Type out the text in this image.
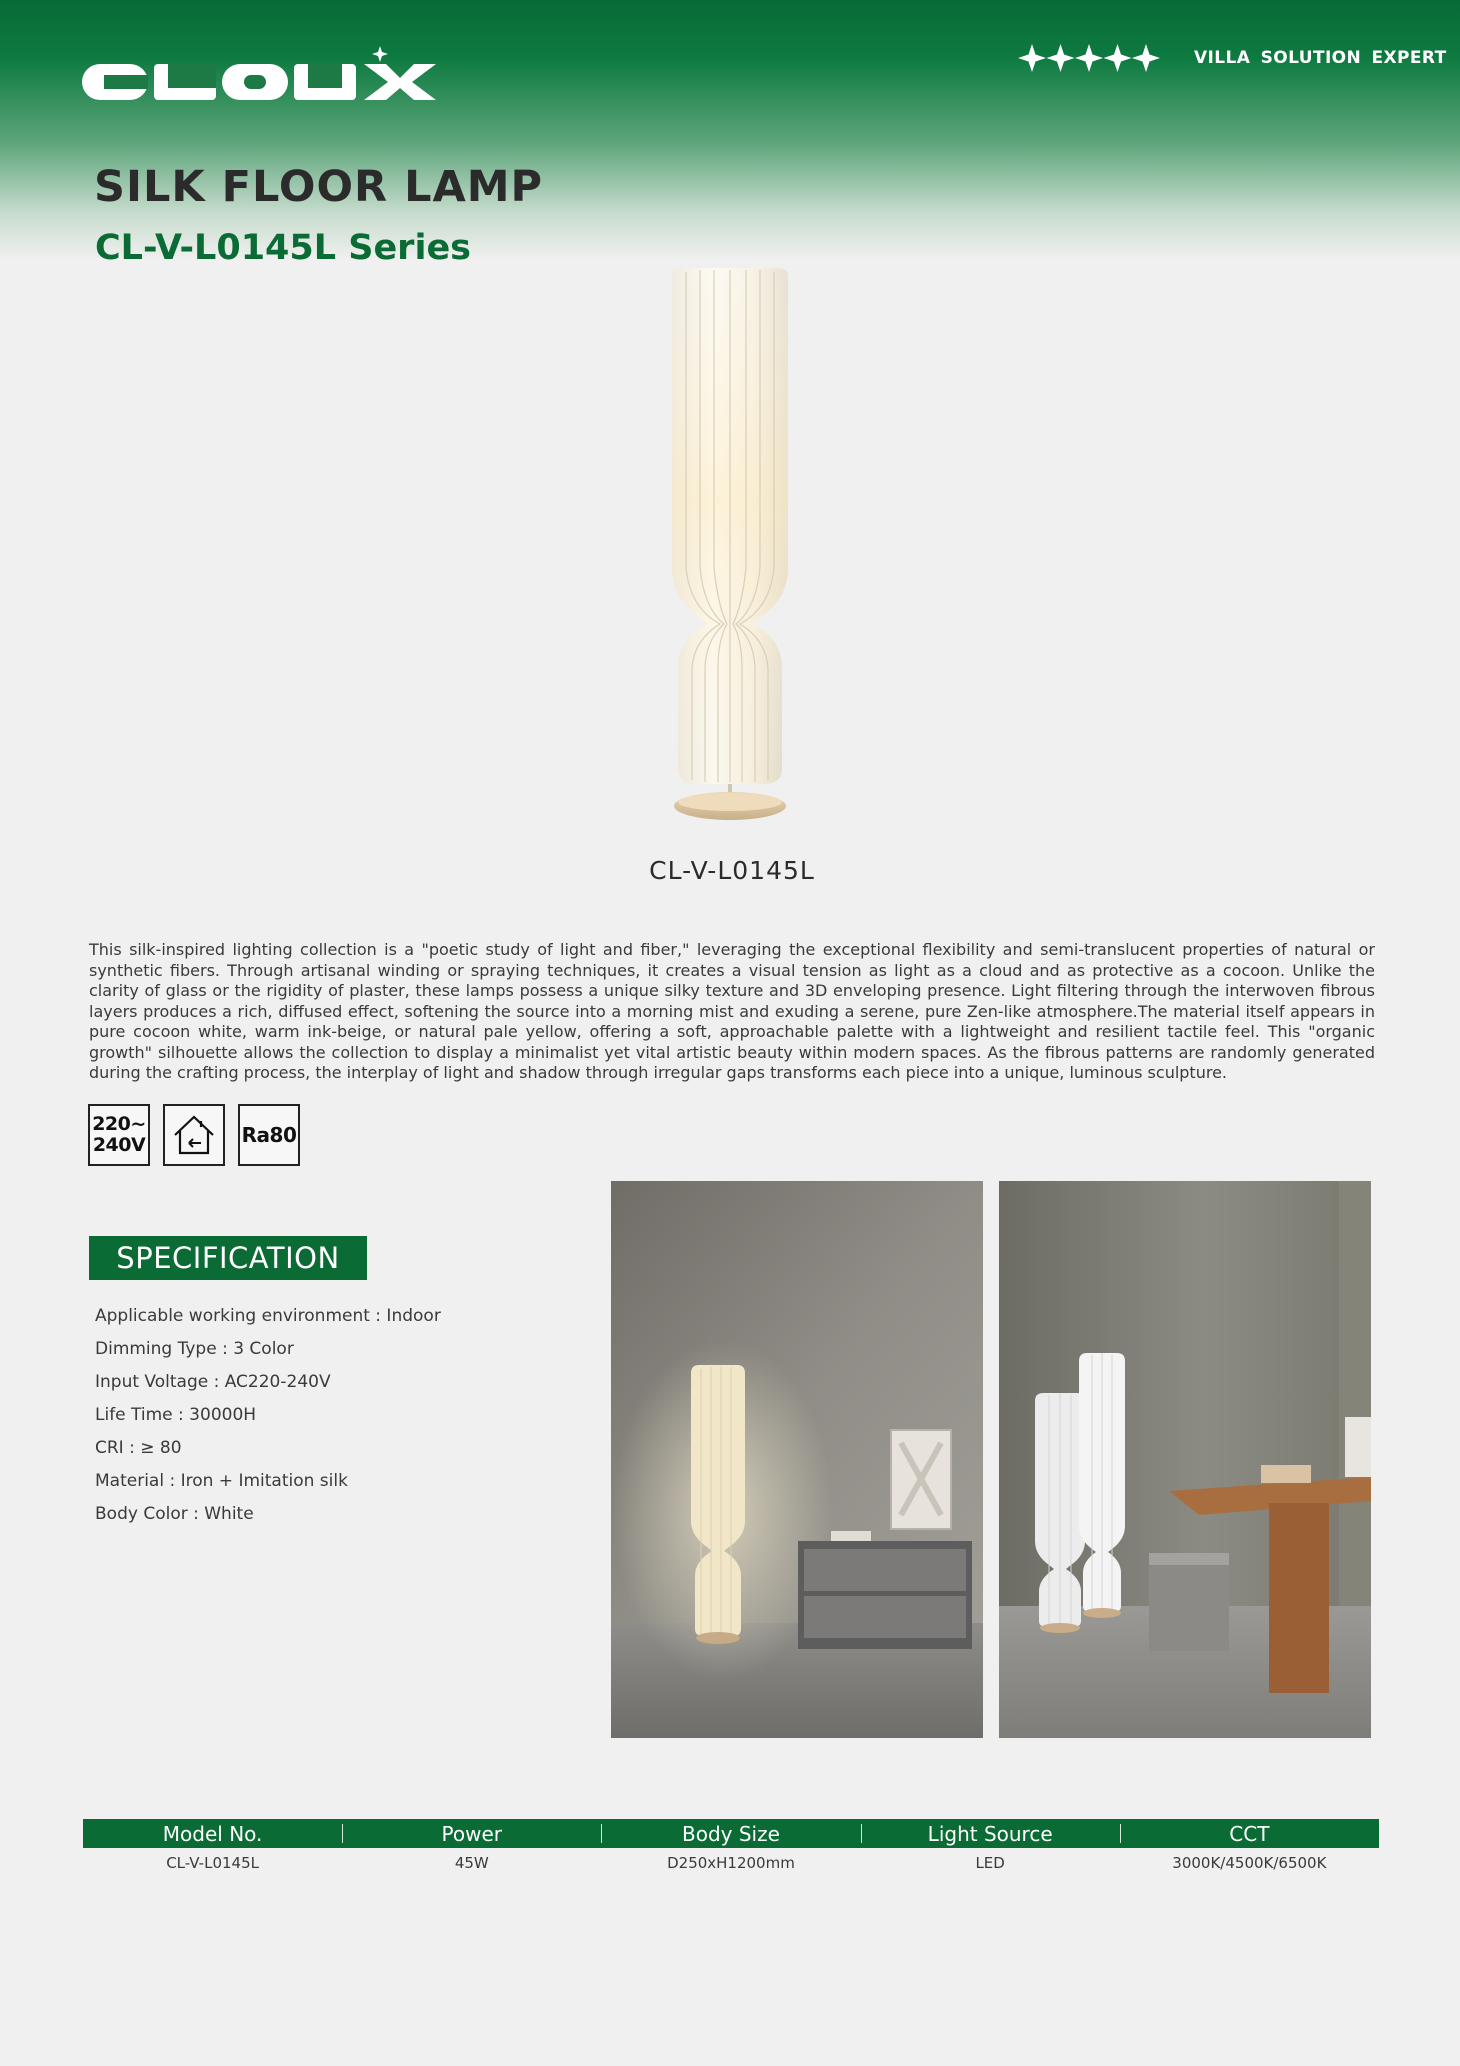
VILLA SOLUTION EXPERT
SILK FLOOR LAMP
CL-V-L0145L Series
CL-V-L0145L

This silk-inspired lighting collection is a "poetic study of light and fiber," leveraging the exceptional flexibility and semi-translucent properties of natural or synthetic fibers. Through artisanal winding or spraying techniques, it creates a visual tension as light as a cloud and as protective as a cocoon. Unlike the clarity of glass or the rigidity of plaster, these lamps possess a unique silky texture and 3D enveloping presence. Light filtering through the interwoven fibrous layers produces a rich, diffused effect, softening the source into a morning mist and exuding a serene, pure Zen-like atmosphere.The material itself appears in pure cocoon white, warm ink-beige, or natural pale yellow, offering a soft, approachable palette with a lightweight and resilient tactile feel. This "organic growth" silhouette allows the collection to display a minimalist yet vital artistic beauty within modern spaces. As the fibrous patterns are randomly generated during the crafting process, the interplay of light and shadow through irregular gaps transforms each piece into a unique, luminous sculpture.

220~
240V	Ra80
SPECIFICATION
Applicable working environment : Indoor
Dimming Type : 3 Color
Input Voltage : AC220-240V
Life Time : 30000H
CRI : ≥ 80
Material : Iron + Imitation silk
Body Color : White
Model No.	Power	Body Size	Light Source	CCT
CL-V-L0145L	45W	D250xH1200mm	LED	3000K/4500K/6500K
